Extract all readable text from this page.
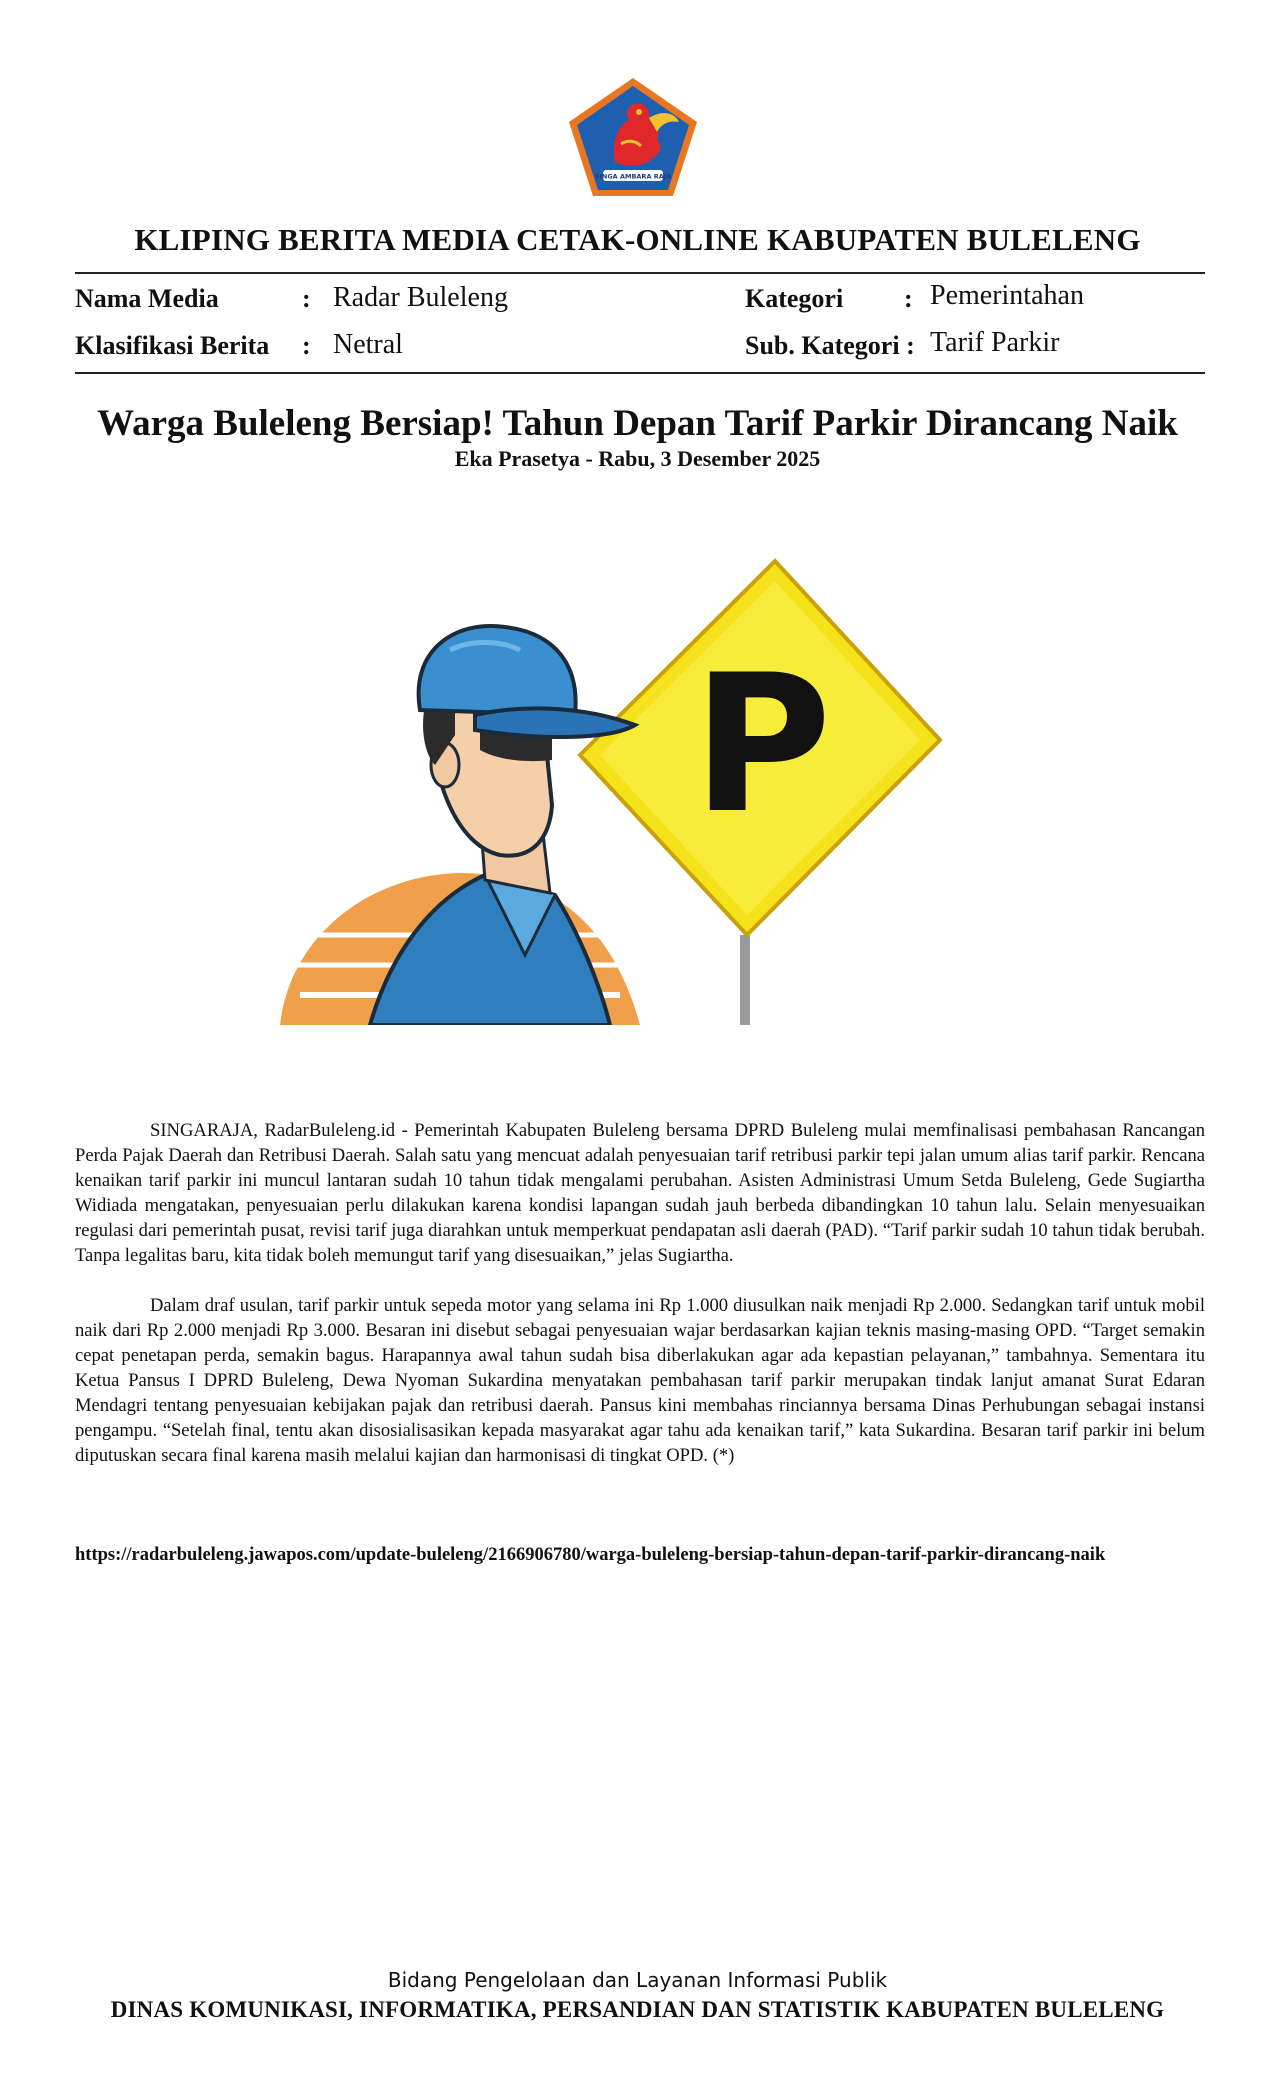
SINGA AMBARA RAJA
KLIPING BERITA MEDIA CETAK-ONLINE KABUPATEN BULELENG
Nama Media	: Radar Buleleng
Klasifikasi Berita : Netral
Kategori : Pemerintahan
Sub. Kategori : Tarif Parkir
Warga Buleleng Bersiap! Tahun Depan Tarif Parkir Dirancang Naik
Eka Prasetya - Rabu, 3 Desember 2025
P

SINGARAJA, RadarBuleleng.id - Pemerintah Kabupaten Buleleng bersama DPRD Buleleng mulai memfinalisasi pembahasan Rancangan Perda Pajak Daerah dan Retribusi Daerah. Salah satu yang mencuat adalah penyesuaian tarif retribusi parkir tepi jalan umum alias tarif parkir. Rencana kenaikan tarif parkir ini muncul lantaran sudah 10 tahun tidak mengalami perubahan. Asisten Administrasi Umum Setda Buleleng, Gede Sugiartha Widiada mengatakan, penyesuaian perlu dilakukan karena kondisi lapangan sudah jauh berbeda dibandingkan 10 tahun lalu. Selain menyesuaikan regulasi dari pemerintah pusat, revisi tarif juga diarahkan untuk memperkuat pendapatan asli daerah (PAD). “Tarif parkir sudah 10 tahun tidak berubah. Tanpa legalitas baru, kita tidak boleh memungut tarif yang disesuaikan,” jelas Sugiartha.

Dalam draf usulan, tarif parkir untuk sepeda motor yang selama ini Rp 1.000 diusulkan naik menjadi Rp 2.000. Sedangkan tarif untuk mobil naik dari Rp 2.000 menjadi Rp 3.000. Besaran ini disebut sebagai penyesuaian wajar berdasarkan kajian teknis masing-masing OPD. “Target semakin cepat penetapan perda, semakin bagus. Harapannya awal tahun sudah bisa diberlakukan agar ada kepastian pelayanan,” tambahnya. Sementara itu Ketua Pansus I DPRD Buleleng, Dewa Nyoman Sukardina menyatakan pembahasan tarif parkir merupakan tindak lanjut amanat Surat Edaran Mendagri tentang penyesuaian kebijakan pajak dan retribusi daerah. Pansus kini membahas rinciannya bersama Dinas Perhubungan sebagai instansi pengampu. “Setelah final, tentu akan disosialisasikan kepada masyarakat agar tahu ada kenaikan tarif,” kata Sukardina. Besaran tarif parkir ini belum diputuskan secara final karena masih melalui kajian dan harmonisasi di tingkat OPD. (*)

https://radarbuleleng.jawapos.com/update-buleleng/2166906780/warga-buleleng-bersiap-tahun-depan-tarif-parkir-dirancang-naik
Bidang Pengelolaan dan Layanan Informasi Publik
DINAS KOMUNIKASI, INFORMATIKA, PERSANDIAN DAN STATISTIK KABUPATEN BULELENG
